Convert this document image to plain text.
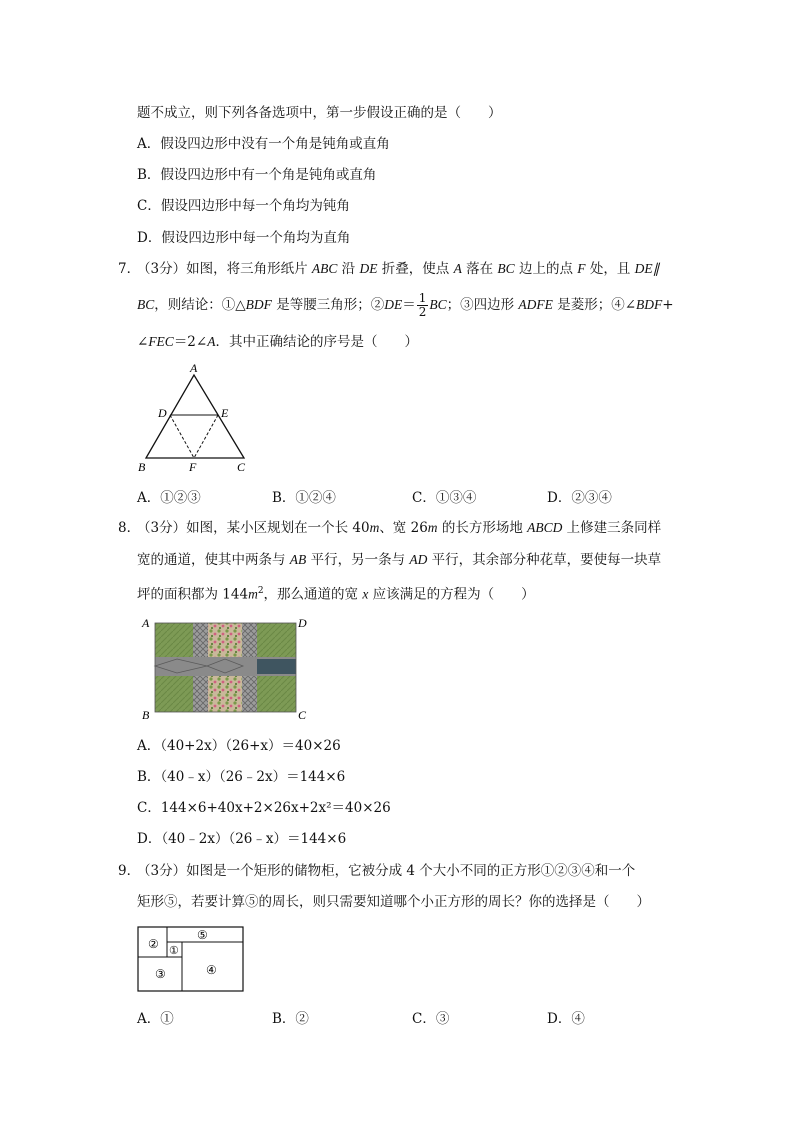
题不成立，则下列各备选项中，第一步假设正确的是（　　）
A．假设四边形中没有一个角是钝角或直角
B．假设四边形中有一个角是钝角或直角
C．假设四边形中每一个角均为钝角
D．假设四边形中每一个角均为直角
7．
（3分）如图，将三角形纸片 ABC 沿 DE 折叠，使点 A 落在 BC 边上的点 F 处，且 DE∥
BC，则结论：①△BDF 是等腰三角形；②DE＝ $\frac{1}{2}$ BC；③四边形 ADFE 是菱形；④∠BDF+
∠FEC＝2∠A．其中正确结论的序号是（　　）
A
D	E
B	F	C
A．①②③	B．①②④	C．①③④	D．②③④
8．
（3分）如图，某小区规划在一个长 40m、宽 26m 的长方形场地 ABCD 上修建三条同样
宽的通道，使其中两条与 AB 平行，另一条与 AD 平行，其余部分种花草，要使每一块草
坪的面积都为 $144m^2$，那么通道的宽 x 应该满足的方程为（　　）
A	D
B	C
A．（40+2x）（26+x）＝40×26
B．（40﹣x）（26﹣2x）＝144×6
C．144×6+40x+2×26x+2x²＝40×26
D．（40﹣2x）（26﹣x）＝144×6
9．
（3分）如图是一个矩形的储物柜，它被分成 4 个大小不同的正方形①②③④和一个
矩形⑤，若要计算⑤的周长，则只需要知道哪个小正方形的周长？你的选择是（　　）
② ①
⑤
③	④
A．①	B．②	C．③	D．④
